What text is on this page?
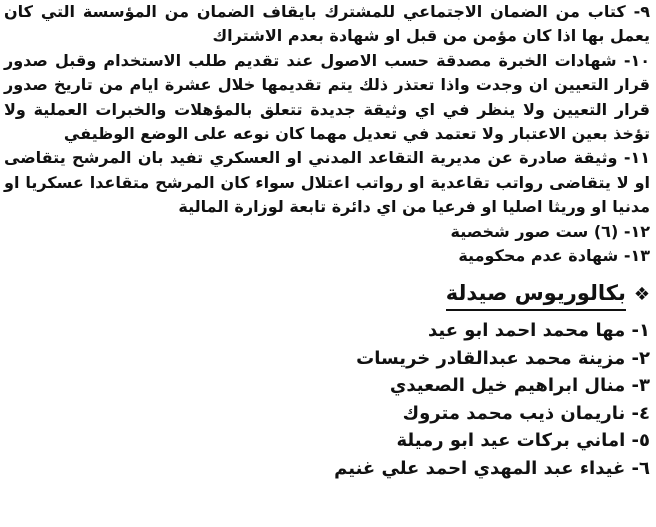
٩- كتاب من الضمان الاجتماعي للمشترك بايقاف الضمان من المؤسسة التي كان يعمل بها اذا كان مؤمن من قبل او شهادة بعدم الاشتراك

١٠- شهادات الخبرة مصدقة حسب الاصول عند تقديم طلب الاستخدام وقبل صدور قرار التعيين ان وجدت واذا تعتذر ذلك يتم تقديمها خلال عشرة ايام من تاريخ صدور قرار التعيين ولا ينظر في اي وثيقة جديدة تتعلق بالمؤهلات والخبرات العملية ولا تؤخذ بعين الاعتبار ولا تعتمد في تعديل مهما كان نوعه على الوضع الوظيفي

١١- وثيقة صادرة عن مديرية التقاعد المدني او العسكري تفيد بان المرشح يتقاضى او لا يتقاضى رواتب تقاعدية او رواتب اعتلال سواء كان المرشح متقاعدا عسكريا او مدنيا او وريثا اصليا او فرعيا من اي دائرة تابعة لوزارة المالية

١٢- (٦) ست صور شخصية

١٣- شهادة عدم محكومية

❖
بكالوريوس صيدلة
١- مها محمد احمد ابو عيد
٢- مزينة محمد عبدالقادر خريسات
٣- منال ابراهيم خيل الصعيدي
٤- ناريمان ذيب محمد متروك
٥- اماني بركات عيد ابو رميلة
٦- غيداء عبد المهدي احمد علي غنيم
